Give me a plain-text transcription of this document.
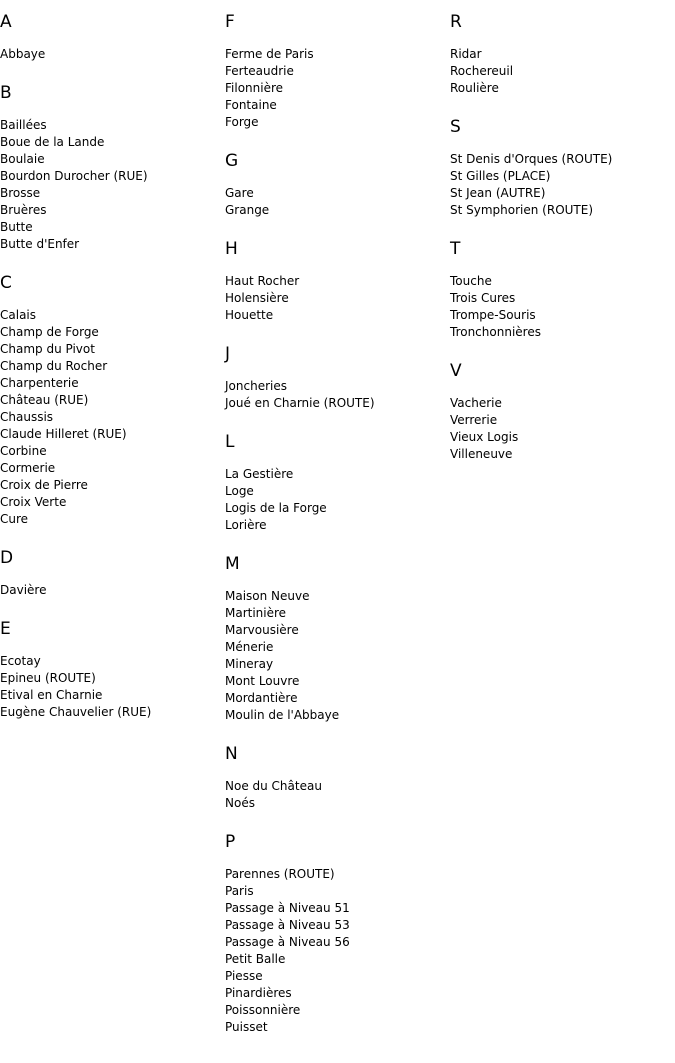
A
Abbaye
B
Baillées
Boue de la Lande
Boulaie
Bourdon Durocher (RUE)
Brosse
Bruères
Butte
Butte d'Enfer
C
Calais
Champ de Forge
Champ du Pivot
Champ du Rocher
Charpenterie
Château (RUE)
Chaussis
Claude Hilleret (RUE)
Corbine
Cormerie
Croix de Pierre
Croix Verte
Cure
D
Davière
E
Ecotay
Epineu (ROUTE)
Etival en Charnie
Eugène Chauvelier (RUE)
F
Ferme de Paris
Ferteaudrie
Filonnière
Fontaine
Forge
G
Gare
Grange
H
Haut Rocher
Holensière
Houette
J
Joncheries
Joué en Charnie (ROUTE)
L
La Gestière
Loge
Logis de la Forge
Lorière
M
Maison Neuve
Martinière
Marvousière
Ménerie
Mineray
Mont Louvre
Mordantière
Moulin de l'Abbaye
N
Noe du Château
Noés
P
Parennes (ROUTE)
Paris
Passage à Niveau 51
Passage à Niveau 53
Passage à Niveau 56
Petit Balle
Piesse
Pinardières
Poissonnière
Puisset
R
Ridar
Rochereuil
Roulière
S
St Denis d'Orques (ROUTE)
St Gilles (PLACE)
St Jean (AUTRE)
St Symphorien (ROUTE)
T
Touche
Trois Cures
Trompe-Souris
Tronchonnières
V
Vacherie
Verrerie
Vieux Logis
Villeneuve
